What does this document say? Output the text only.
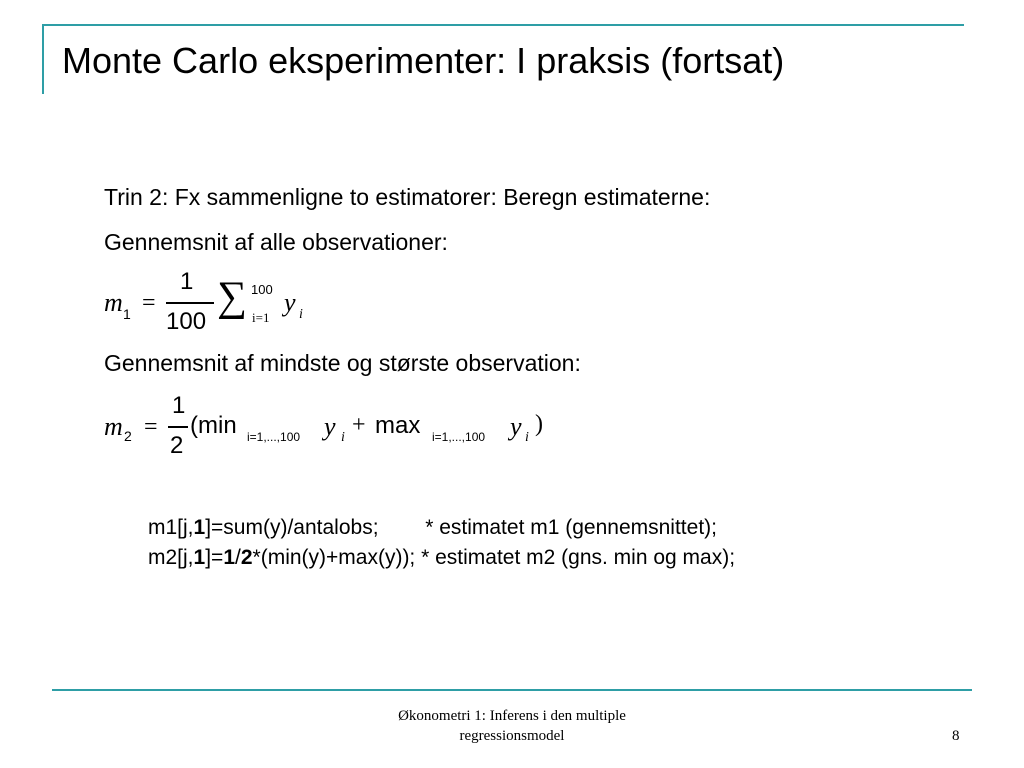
Monte Carlo eksperimenter: I praksis (fortsat)
Trin 2: Fx sammenligne to estimatorer: Beregn estimaterne:
Gennemsnit af alle observationer:
m 1 =
1
100
∑ 100
i=1
y i
Gennemsnit af mindste og største observation:
m 2 =
1
2
(min i=1,...,100 y i + max i=1,...,100 y i
)
m1[j,1]=sum(y)/antalobs;        * estimatet m1 (gennemsnittet);
m2[j,1]=1/2*(min(y)+max(y)); * estimatet m2 (gns. min og max);
Økonometri 1: Inferens i den multiple
regressionsmodel	8
